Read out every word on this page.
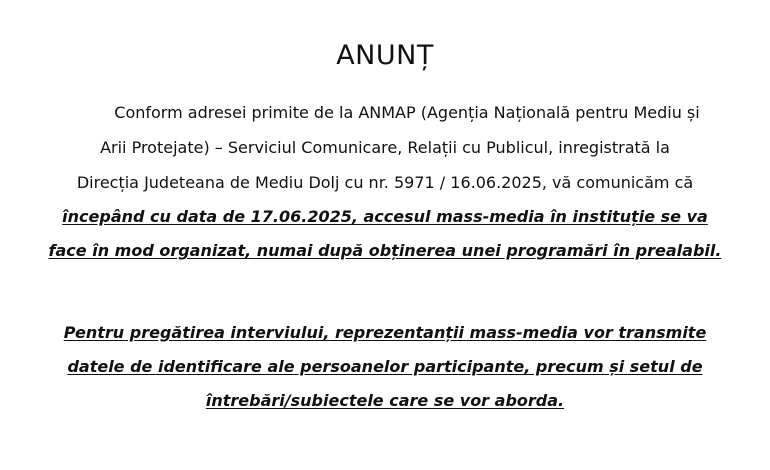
ANUNȚ
Conform adresei primite de la ANMAP (Agenția Națională pentru Mediu și
Arii Protejate) – Serviciul Comunicare, Relații cu Publicul, inregistrată la
Direcția Judeteana de Mediu Dolj cu nr. 5971 / 16.06.2025, vă comunicăm că
începând cu data de 17.06.2025, accesul mass-media în instituție se va
face în mod organizat, numai după obținerea unei programări în prealabil.
Pentru pregătirea interviului, reprezentanții mass-media vor transmite
datele de identificare ale persoanelor participante, precum și setul de
întrebări/subiectele care se vor aborda.
